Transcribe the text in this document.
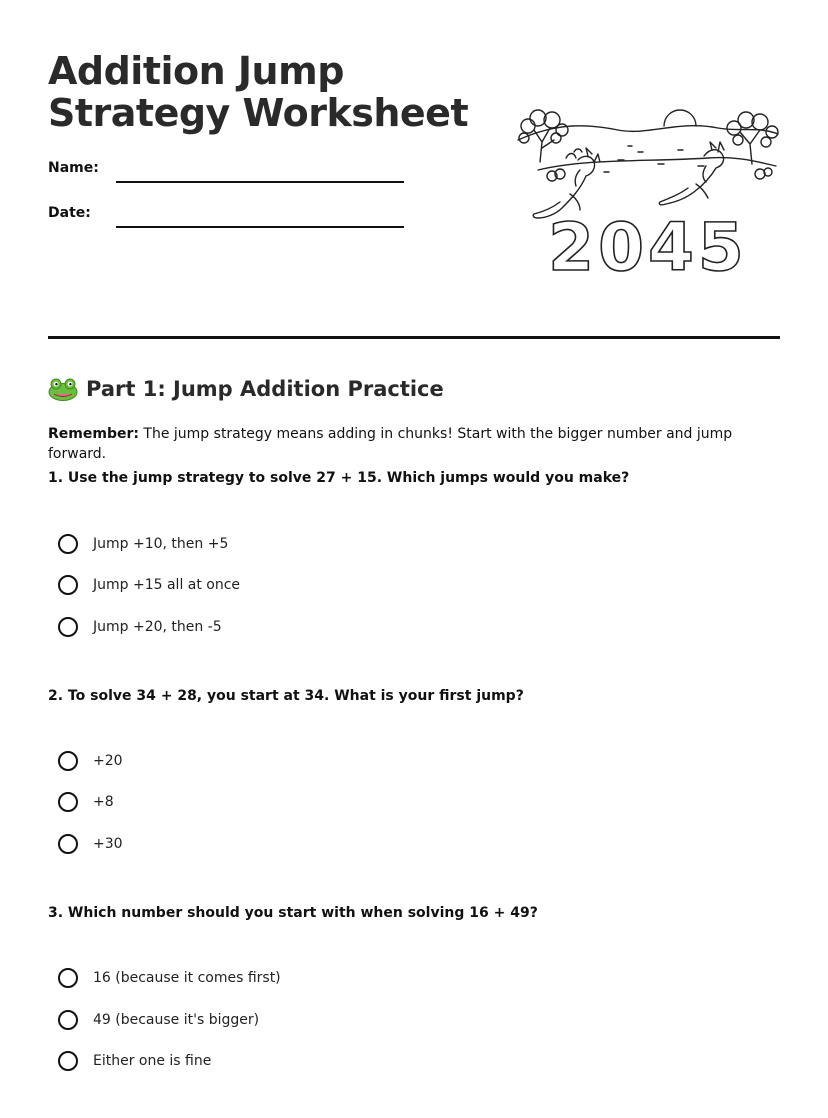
Addition Jump Strategy Worksheet
Name:
Date:	2045
Part 1: Jump Addition Practice
Remember: The jump strategy means adding in chunks! Start with the bigger number and jump forward.
1. Use the jump strategy to solve 27 + 15. Which jumps would you make?
Jump +10, then +5
Jump +15 all at once
Jump +20, then -5
2. To solve 34 + 28, you start at 34. What is your first jump?
+20
+8
+30
3. Which number should you start with when solving 16 + 49?
16 (because it comes first)
49 (because it's bigger)
Either one is fine
